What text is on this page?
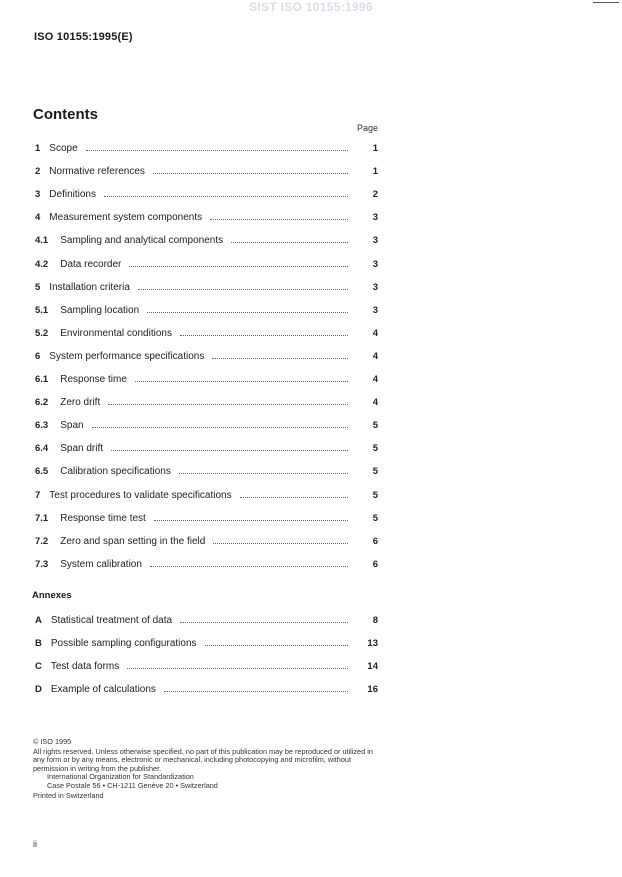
SIST ISO 10155:1996
ISO 10155:1995(E)
Contents
Page
1 Scope	1
2 Normative references	1
3 Definitions	2
4 Measurement system components	3
4.1	Sampling and analytical components	3
4.2	Data recorder	3
5 Installation criteria	3
5.1	Sampling location	3
5.2	Environmental conditions	4
6 System performance specifications	4
6.1	Response time	4
6.2	Zero drift	4
6.3	Span	5
6.4	Span drift	5
6.5	Calibration specifications	5
7 Test procedures to validate specifications	5
7.1	Response time test	5
7.2	Zero and span setting in the field	6
7.3	System calibration	6
Annexes
A Statistical treatment of data	8
B Possible sampling configurations	13
C Test data forms	14
D Example of calculations	16
© ISO 1995
All rights reserved. Unless otherwise specified, no part of this publication may be reproduced or utilized in any form or by any means, electronic or mechanical, including photocopying and microfilm, without permission in writing from the publisher.
International Organization for Standardization
Case Postale 56 • CH-1211 Genève 20 • Switzerland
Printed in Switzerland
ii
